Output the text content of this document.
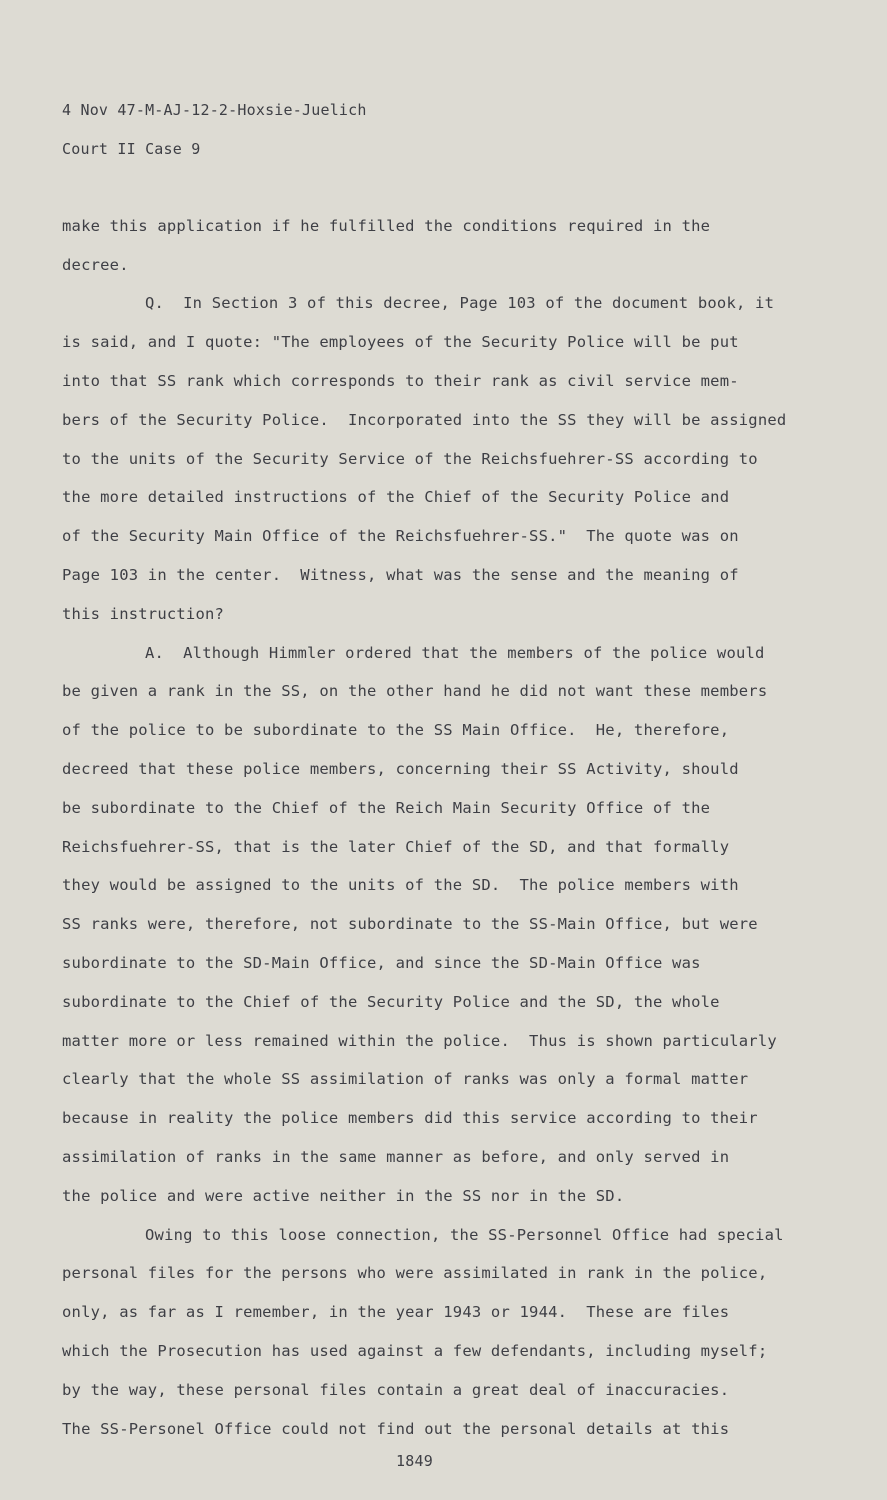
4 Nov 47-M-AJ-12-2-Hoxsie-Juelich
Court II Case 9
make this application if he fulfilled the conditions required in the
decree.
Q.  In Section 3 of this decree, Page 103 of the document book, it
is said, and I quote: "The employees of the Security Police will be put
into that SS rank which corresponds to their rank as civil service mem-
bers of the Security Police.  Incorporated into the SS they will be assigned
to the units of the Security Service of the Reichsfuehrer-SS according to
the more detailed instructions of the Chief of the Security Police and
of the Security Main Office of the Reichsfuehrer-SS."  The quote was on
Page 103 in the center.  Witness, what was the sense and the meaning of
this instruction?
A.  Although Himmler ordered that the members of the police would
be given a rank in the SS, on the other hand he did not want these members
of the police to be subordinate to the SS Main Office.  He, therefore,
decreed that these police members, concerning their SS Activity, should
be subordinate to the Chief of the Reich Main Security Office of the
Reichsfuehrer-SS, that is the later Chief of the SD, and that formally
they would be assigned to the units of the SD.  The police members with
SS ranks were, therefore, not subordinate to the SS-Main Office, but were
subordinate to the SD-Main Office, and since the SD-Main Office was
subordinate to the Chief of the Security Police and the SD, the whole
matter more or less remained within the police.  Thus is shown particularly
clearly that the whole SS assimilation of ranks was only a formal matter
because in reality the police members did this service according to their
assimilation of ranks in the same manner as before, and only served in
the police and were active neither in the SS nor in the SD.
Owing to this loose connection, the SS-Personnel Office had special
personal files for the persons who were assimilated in rank in the police,
only, as far as I remember, in the year 1943 or 1944.  These are files
which the Prosecution has used against a few defendants, including myself;
by the way, these personal files contain a great deal of inaccuracies.
The SS-Personel Office could not find out the personal details at this
1849
